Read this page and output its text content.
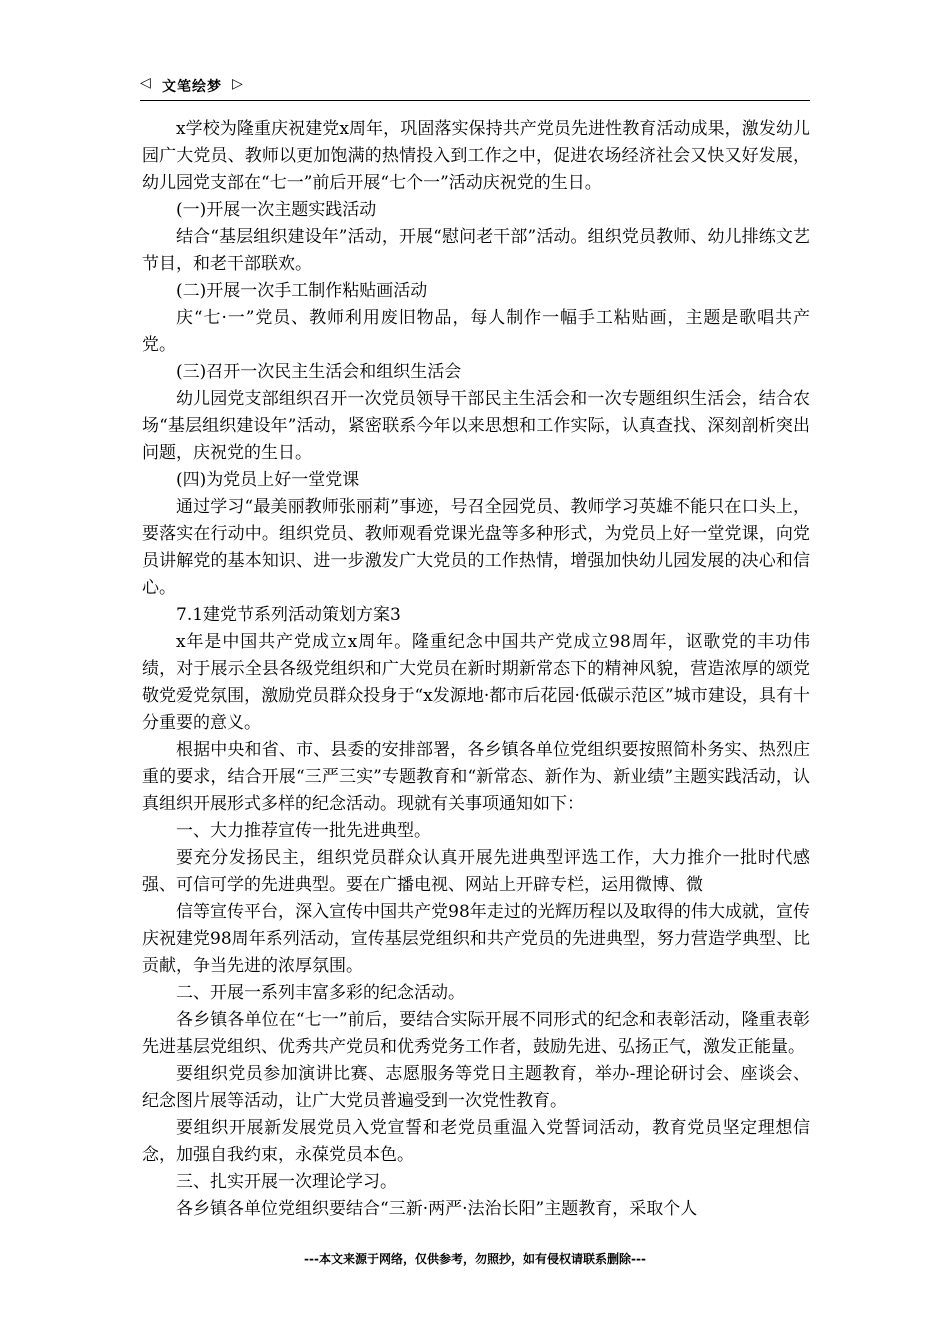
◁ 文笔绘梦 ▷

x学校为隆重庆祝建党x周年，巩固落实保持共产党员先进性教育活动成果，激发幼儿园广大党员、教师以更加饱满的热情投入到工作之中，促进农场经济社会又快又好发展，幼儿园党支部在“七一”前后开展“七个一”活动庆祝党的生日。

(一)开展一次主题实践活动

结合“基层组织建设年”活动，开展“慰问老干部”活动。组织党员教师、幼儿排练文艺节目，和老干部联欢。

(二)开展一次手工制作粘贴画活动

庆“七·一”党员、教师利用废旧物品，每人制作一幅手工粘贴画，主题是歌唱共产党。

(三)召开一次民主生活会和组织生活会

幼儿园党支部组织召开一次党员领导干部民主生活会和一次专题组织生活会，结合农场“基层组织建设年”活动，紧密联系今年以来思想和工作实际，认真查找、深刻剖析突出问题，庆祝党的生日。

(四)为党员上好一堂党课

通过学习“最美丽教师张丽莉”事迹，号召全园党员、教师学习英雄不能只在口头上，要落实在行动中。组织党员、教师观看党课光盘等多种形式，为党员上好一堂党课，向党员讲解党的基本知识、进一步激发广大党员的工作热情，增强加快幼儿园发展的决心和信心。

7.1建党节系列活动策划方案3

x年是中国共产党成立x周年。隆重纪念中国共产党成立98周年，讴歌党的丰功伟绩，对于展示全县各级党组织和广大党员在新时期新常态下的精神风貌，营造浓厚的颂党敬党爱党氛围，激励党员群众投身于“x发源地·都市后花园·低碳示范区”城市建设，具有十分重要的意义。

根据中央和省、市、县委的安排部署，各乡镇各单位党组织要按照简朴务实、热烈庄重的要求，结合开展“三严三实”专题教育和“新常态、新作为、新业绩”主题实践活动，认真组织开展形式多样的纪念活动。现就有关事项通知如下：

一、大力推荐宣传一批先进典型。

要充分发扬民主，组织党员群众认真开展先进典型评选工作，大力推介一批时代感强、可信可学的先进典型。要在广播电视、网站上开辟专栏，运用微博、微

信等宣传平台，深入宣传中国共产党98年走过的光辉历程以及取得的伟大成就，宣传庆祝建党98周年系列活动，宣传基层党组织和共产党员的先进典型，努力营造学典型、比贡献，争当先进的浓厚氛围。

二、开展一系列丰富多彩的纪念活动。

各乡镇各单位在“七一”前后，要结合实际开展不同形式的纪念和表彰活动，隆重表彰先进基层党组织、优秀共产党员和优秀党务工作者，鼓励先进、弘扬正气，激发正能量。

要组织党员参加演讲比赛、志愿服务等党日主题教育，举办-理论研讨会、座谈会、纪念图片展等活动，让广大党员普遍受到一次党性教育。

要组织开展新发展党员入党宣誓和老党员重温入党誓词活动，教育党员坚定理想信念，加强自我约束，永葆党员本色。

三、扎实开展一次理论学习。

各乡镇各单位党组织要结合“三新·两严·法治长阳”主题教育，采取个人

---本文来源于网络，仅供参考，勿照抄，如有侵权请联系删除---
